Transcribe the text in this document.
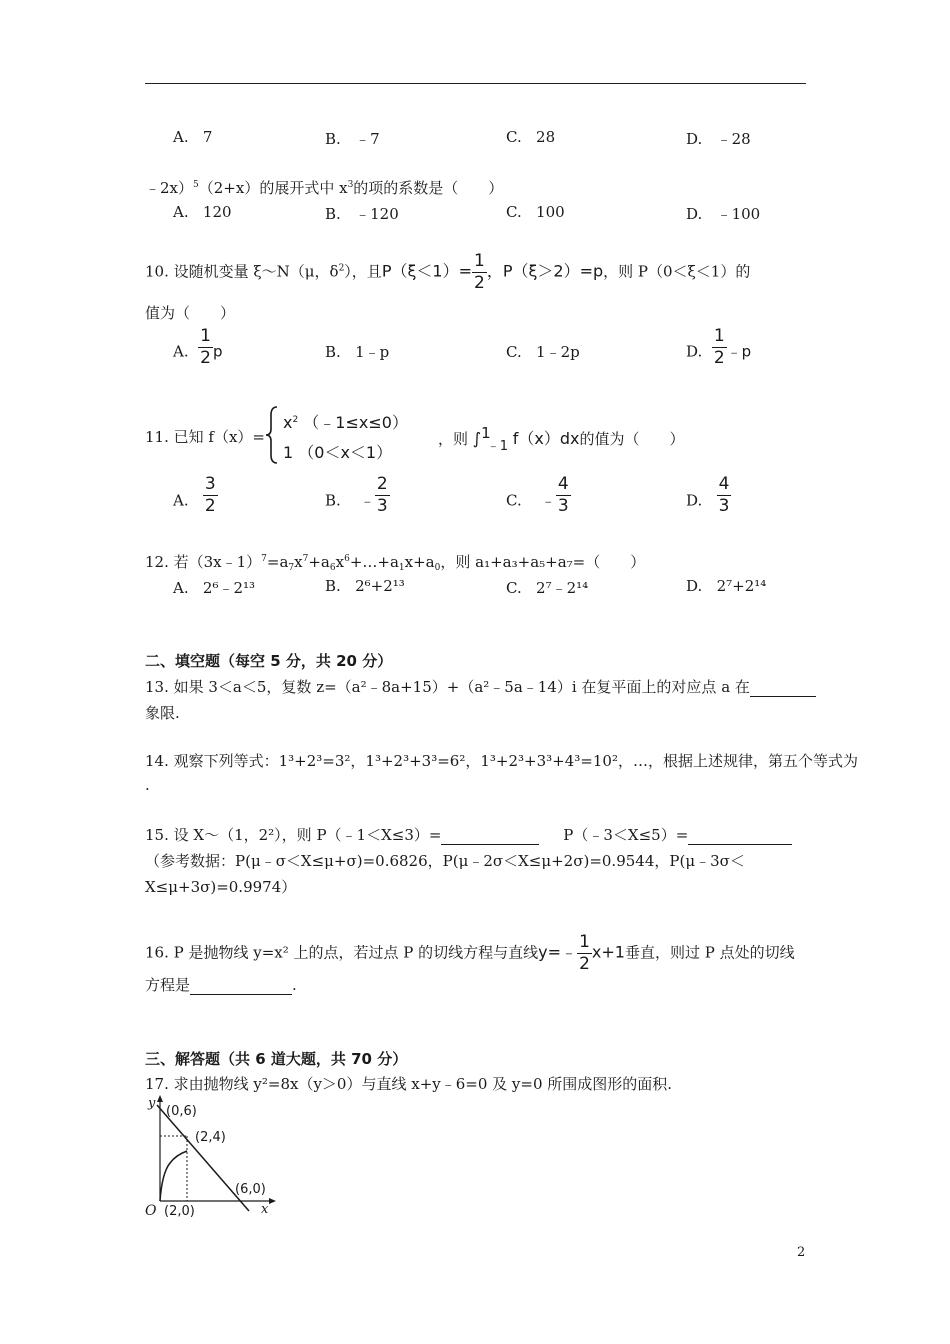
A. 7	B. ﹣7	C. 28	D. ﹣28
﹣2x）$^5$（2+x）的展开式中 $x^3$的项的系数是（　　）
A. 120	B. ﹣120	C. 100	D. ﹣100
10. 设随机变量 ξ～N（μ，$\delta^2$），且$P(\xi<1)= \frac{1}{2}$ ，P（ξ＞2）=p，则 P（0＜ξ＜1）的
值为（　　）
A. $\frac{1}{2}$ p	B. 1﹣p	C. 1﹣2p	D. $\frac{1}{2}$ ﹣p
11. 已知 f（x）=
$x^2$ （﹣1≤x≤0）
1 （0＜x＜1）
，则 ∫1﹣1 f（x）dx的值为（　　）
A. $\frac{3}{2}$	B. ﹣ $\frac{2}{3}$	C. ﹣ $\frac{4}{3}$	D. $\frac{4}{3}$
12. 若$(3x﹣1)^7=a_7x^7+a_6x^6+\dots+a_1x+a_0$，则 a₁+a₃+a₅+a₇=（　　）
A. 2⁶﹣2¹³	B. 2⁶+2¹³	C. 2⁷﹣2¹⁴	D. 2⁷+2¹⁴
二、填空题（每空 5 分，共 20 分）
13. 如果 3＜a＜5，复数 z=（a²﹣8a+15）+（a²﹣5a﹣14）i 在复平面上的对应点 a 在
象限.
14. 观察下列等式：1³+2³=3²，1³+2³+3³=6²，1³+2³+3³+4³=10²，…，根据上述规律，第五个等式为
.
15. 设 X～（1，2²），则 P（﹣1＜X≤3）=	P（﹣3＜X≤5）=
（参考数据：P(μ﹣σ＜X≤μ+σ)=0.6826，P(μ﹣2σ＜X≤μ+2σ)=0.9544，P(μ﹣3σ＜
X≤μ+3σ)=0.9974）
16. P 是抛物线 y=x² 上的点，若过点 P 的切线方程与直线y=﹣ $\frac{1}{2} x+1$垂直，则过 P 点处的切线
方程是	.
三、解答题（共 6 道大题，共 70 分）
17. 求由抛物线 y²=8x（y＞0）与直线 x+y﹣6=0 及 y=0 所围成图形的面积.
y
x
O
(0,6)
(2,4)
(6,0)
(2,0)
2
